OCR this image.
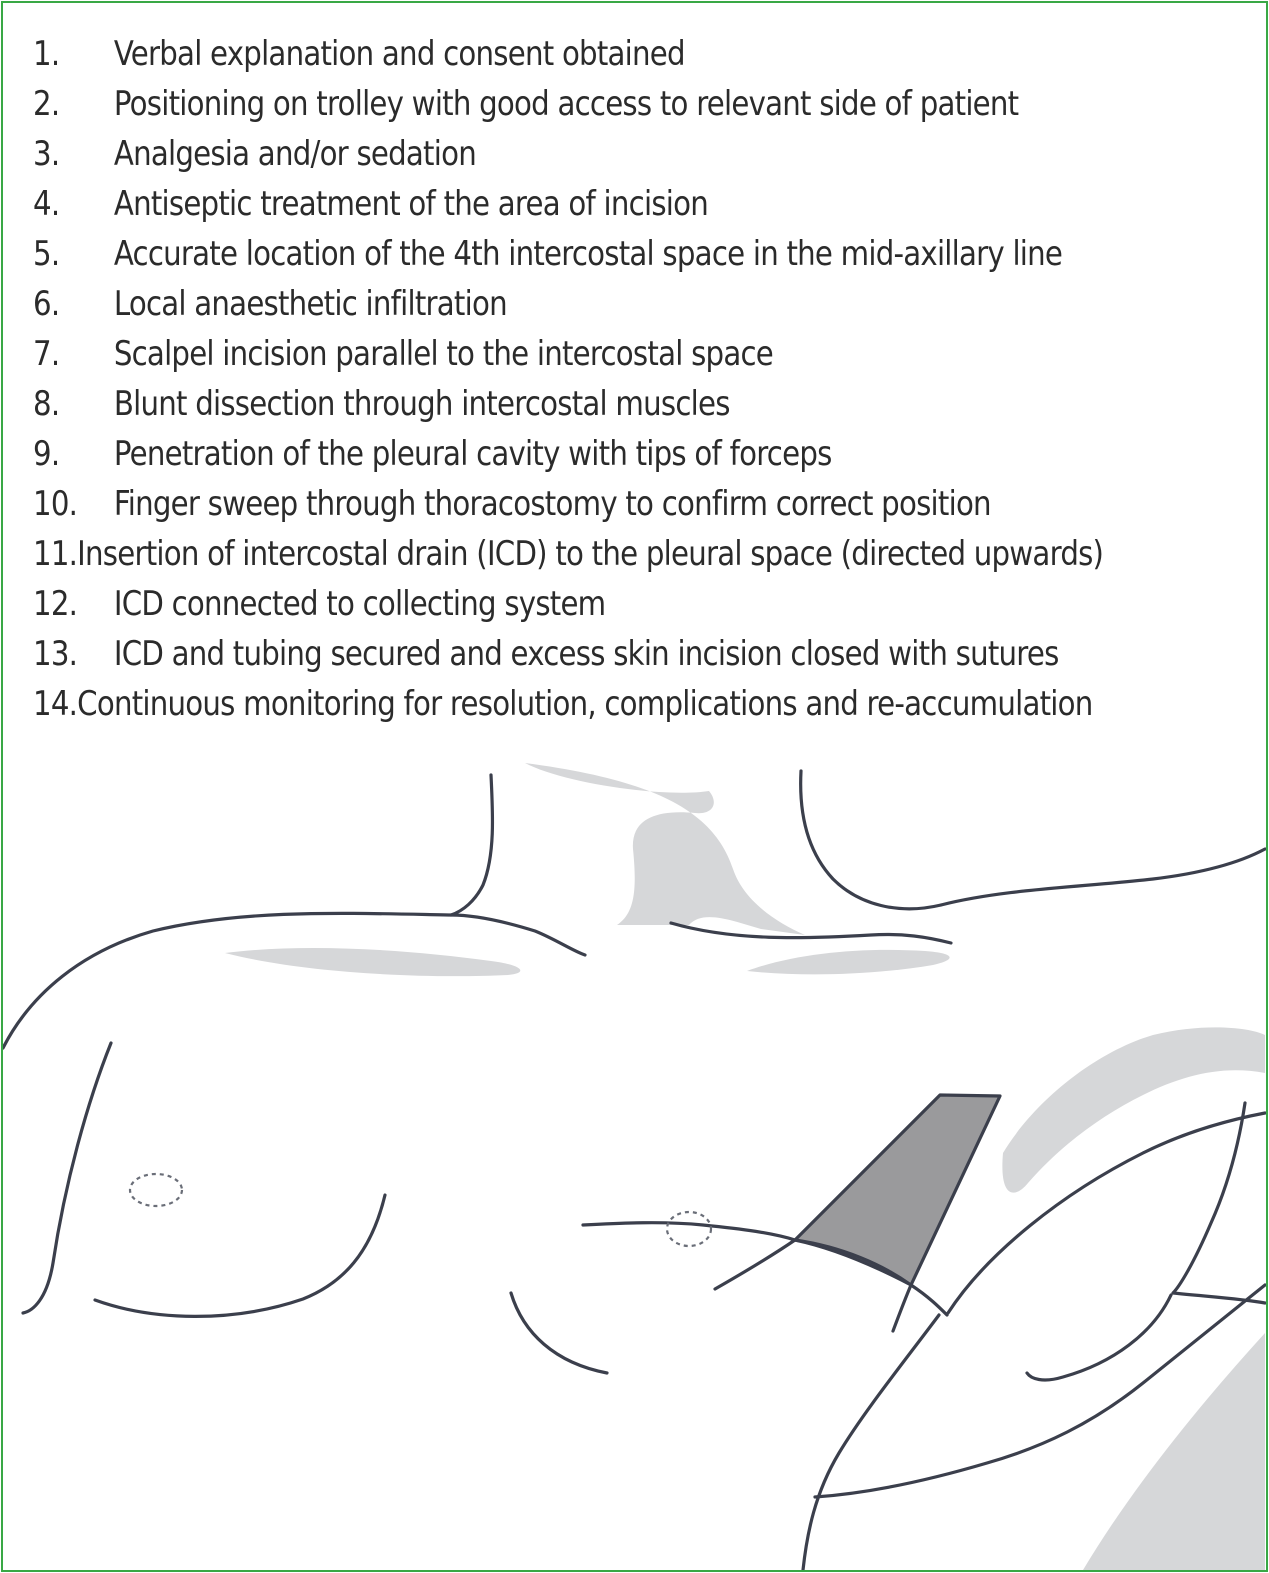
1.	Verbal explanation and consent obtained
2.	Positioning on trolley with good access to relevant side of patient
3.	Analgesia and/or sedation
4.	Antiseptic treatment of the area of incision
5.	Accurate location of the 4th intercostal space in the mid-axillary line
6.	Local anaesthetic infiltration
7.	Scalpel incision parallel to the intercostal space
8.	Blunt dissection through intercostal muscles
9.	Penetration of the pleural cavity with tips of forceps
10.	Finger sweep through thoracostomy to confirm correct position
11. Insertion of intercostal drain (ICD) to the pleural space (directed upwards)
12.	ICD connected to collecting system
13.	ICD and tubing secured and excess skin incision closed with sutures
14. Continuous monitoring for resolution, complications and re-accumulation
